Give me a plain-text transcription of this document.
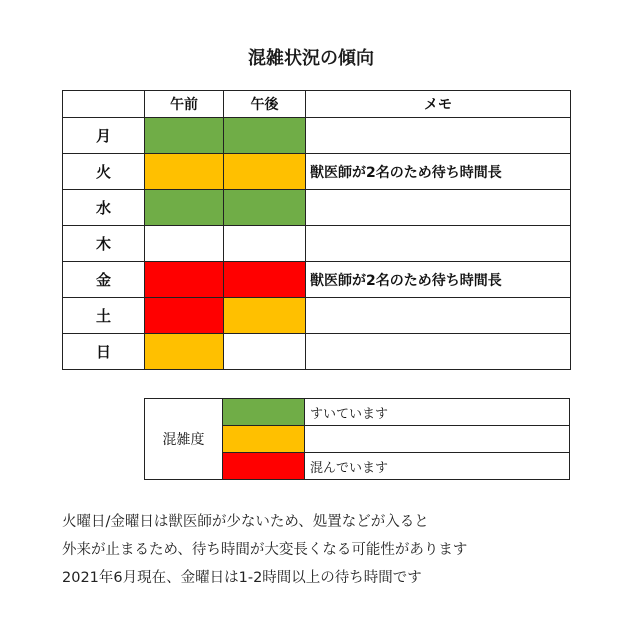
混雑状況の傾向
	午前	午後	メモ
月			
火			獣医師が2名のため待ち時間長
水			
木			
金			獣医師が2名のため待ち時間長
土			
日			
混雑度		すいています

		混んでいます

火曜日/金曜日は獣医師が少ないため、処置などが入ると

外来が止まるため、待ち時間が大変長くなる可能性があります

2021年6月現在、金曜日は1-2時間以上の待ち時間です
